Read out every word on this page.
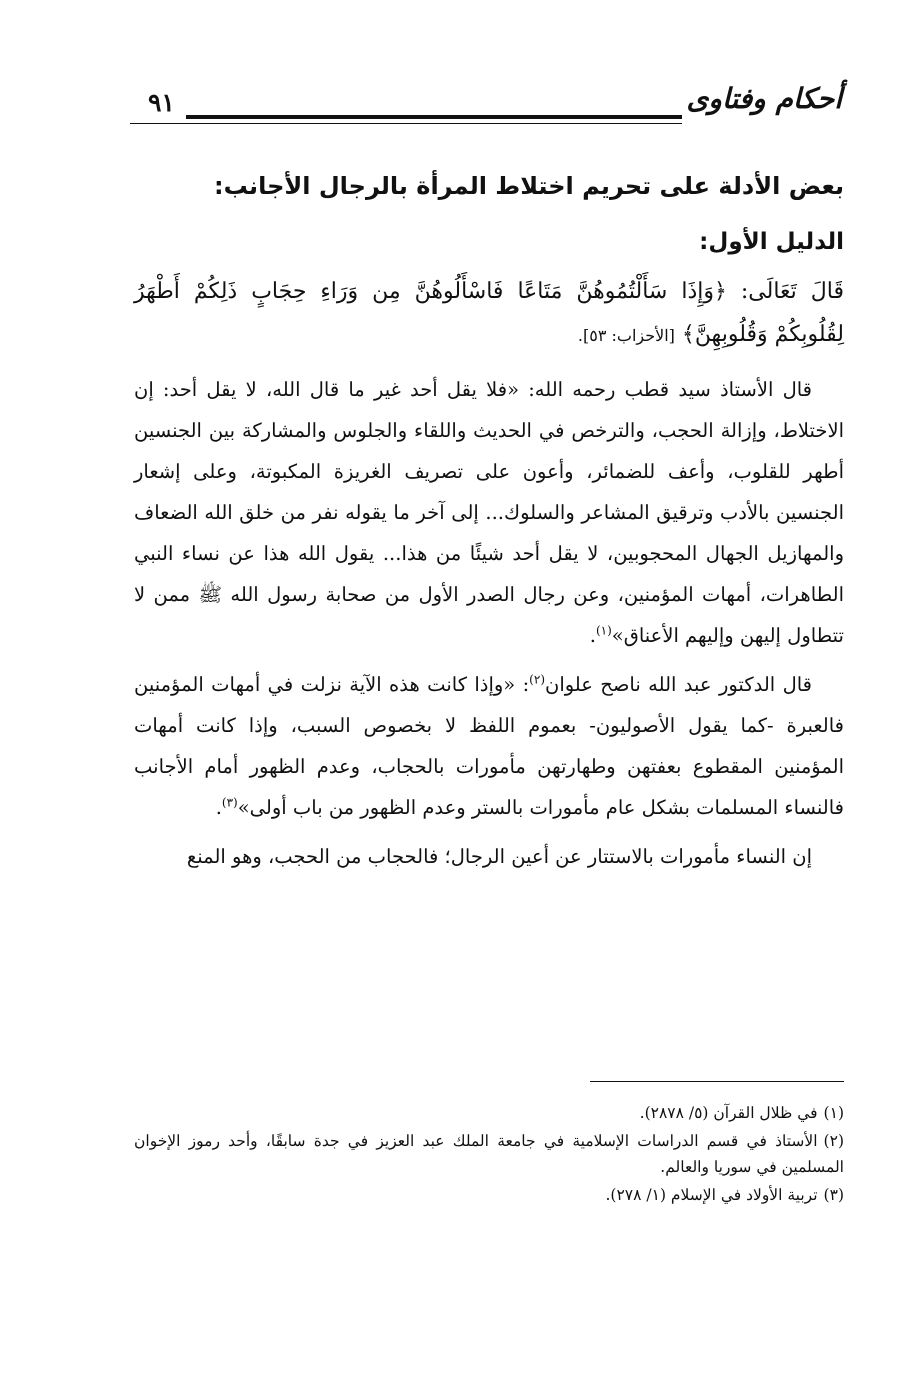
٩١	أحكام وفتاوى
بعض الأدلة على تحريم اختلاط المرأة بالرجال الأجانب:
الدليل الأول:

قَالَ تَعَالَى: ﴿وَإِذَا سَأَلْتُمُوهُنَّ مَتَاعًا فَاسْأَلُوهُنَّ مِن وَرَاءِ حِجَابٍ ذَلِكُمْ أَطْهَرُ لِقُلُوبِكُمْ وَقُلُوبِهِنَّ﴾ [الأحزاب: ٥٣].

قال الأستاذ سيد قطب رحمه الله: «فلا يقل أحد غير ما قال الله، لا يقل أحد: إن الاختلاط، وإزالة الحجب، والترخص في الحديث واللقاء والجلوس والمشاركة بين الجنسين أطهر للقلوب، وأعف للضمائر، وأعون على تصريف الغريزة المكبوتة، وعلى إشعار الجنسين بالأدب وترقيق المشاعر والسلوك... إلى آخر ما يقوله نفر من خلق الله الضعاف والمهازيل الجهال المحجوبين، لا يقل أحد شيئًا من هذا... يقول الله هذا عن نساء النبي الطاهرات، أمهات المؤمنين، وعن رجال الصدر الأول من صحابة رسول الله ﷺ ممن لا تتطاول إليهن وإليهم الأعناق»$^{(١)}$.

قال الدكتور عبد الله ناصح علوان$^{(٢)}$: «وإذا كانت هذه الآية نزلت في أمهات المؤمنين فالعبرة -كما يقول الأصوليون- بعموم اللفظ لا بخصوص السبب، وإذا كانت أمهات المؤمنين المقطوع بعفتهن وطهارتهن مأمورات بالحجاب، وعدم الظهور أمام الأجانب فالنساء المسلمات بشكل عام مأمورات بالستر وعدم الظهور من باب أولى»$^{(٣)}$.

إن النساء مأمورات بالاستتار عن أعين الرجال؛ فالحجاب من الحجب، وهو المنع

(١)في ظلال القرآن (٥/ ٢٨٧٨).

(٢)الأستاذ في قسم الدراسات الإسلامية في جامعة الملك عبد العزيز في جدة سابقًا، وأحد رموز الإخوان المسلمين في سوريا والعالم.

(٣)تربية الأولاد في الإسلام (١/ ٢٧٨).
